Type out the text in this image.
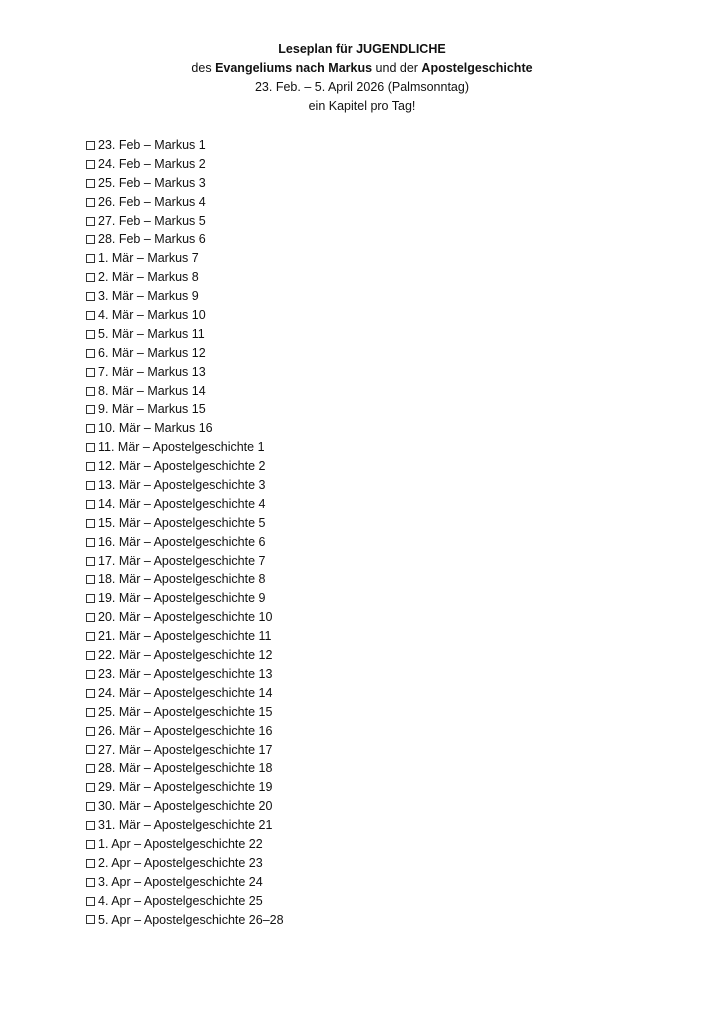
Leseplan für JUGENDLICHE
des Evangeliums nach Markus und der Apostelgeschichte
23. Feb. – 5. April 2026 (Palmsonntag)
ein Kapitel pro Tag!
23. Feb – Markus 1
24. Feb – Markus 2
25. Feb – Markus 3
26. Feb – Markus 4
27. Feb – Markus 5
28. Feb – Markus 6
1. Mär – Markus 7
2. Mär – Markus 8
3. Mär – Markus 9
4. Mär – Markus 10
5. Mär – Markus 11
6. Mär – Markus 12
7. Mär – Markus 13
8. Mär – Markus 14
9. Mär – Markus 15
10. Mär – Markus 16
11. Mär – Apostelgeschichte 1
12. Mär – Apostelgeschichte 2
13. Mär – Apostelgeschichte 3
14. Mär – Apostelgeschichte 4
15. Mär – Apostelgeschichte 5
16. Mär – Apostelgeschichte 6
17. Mär – Apostelgeschichte 7
18. Mär – Apostelgeschichte 8
19. Mär – Apostelgeschichte 9
20. Mär – Apostelgeschichte 10
21. Mär – Apostelgeschichte 11
22. Mär – Apostelgeschichte 12
23. Mär – Apostelgeschichte 13
24. Mär – Apostelgeschichte 14
25. Mär – Apostelgeschichte 15
26. Mär – Apostelgeschichte 16
27. Mär – Apostelgeschichte 17
28. Mär – Apostelgeschichte 18
29. Mär – Apostelgeschichte 19
30. Mär – Apostelgeschichte 20
31. Mär – Apostelgeschichte 21
1. Apr – Apostelgeschichte 22
2. Apr – Apostelgeschichte 23
3. Apr – Apostelgeschichte 24
4. Apr – Apostelgeschichte 25
5. Apr – Apostelgeschichte 26–28
